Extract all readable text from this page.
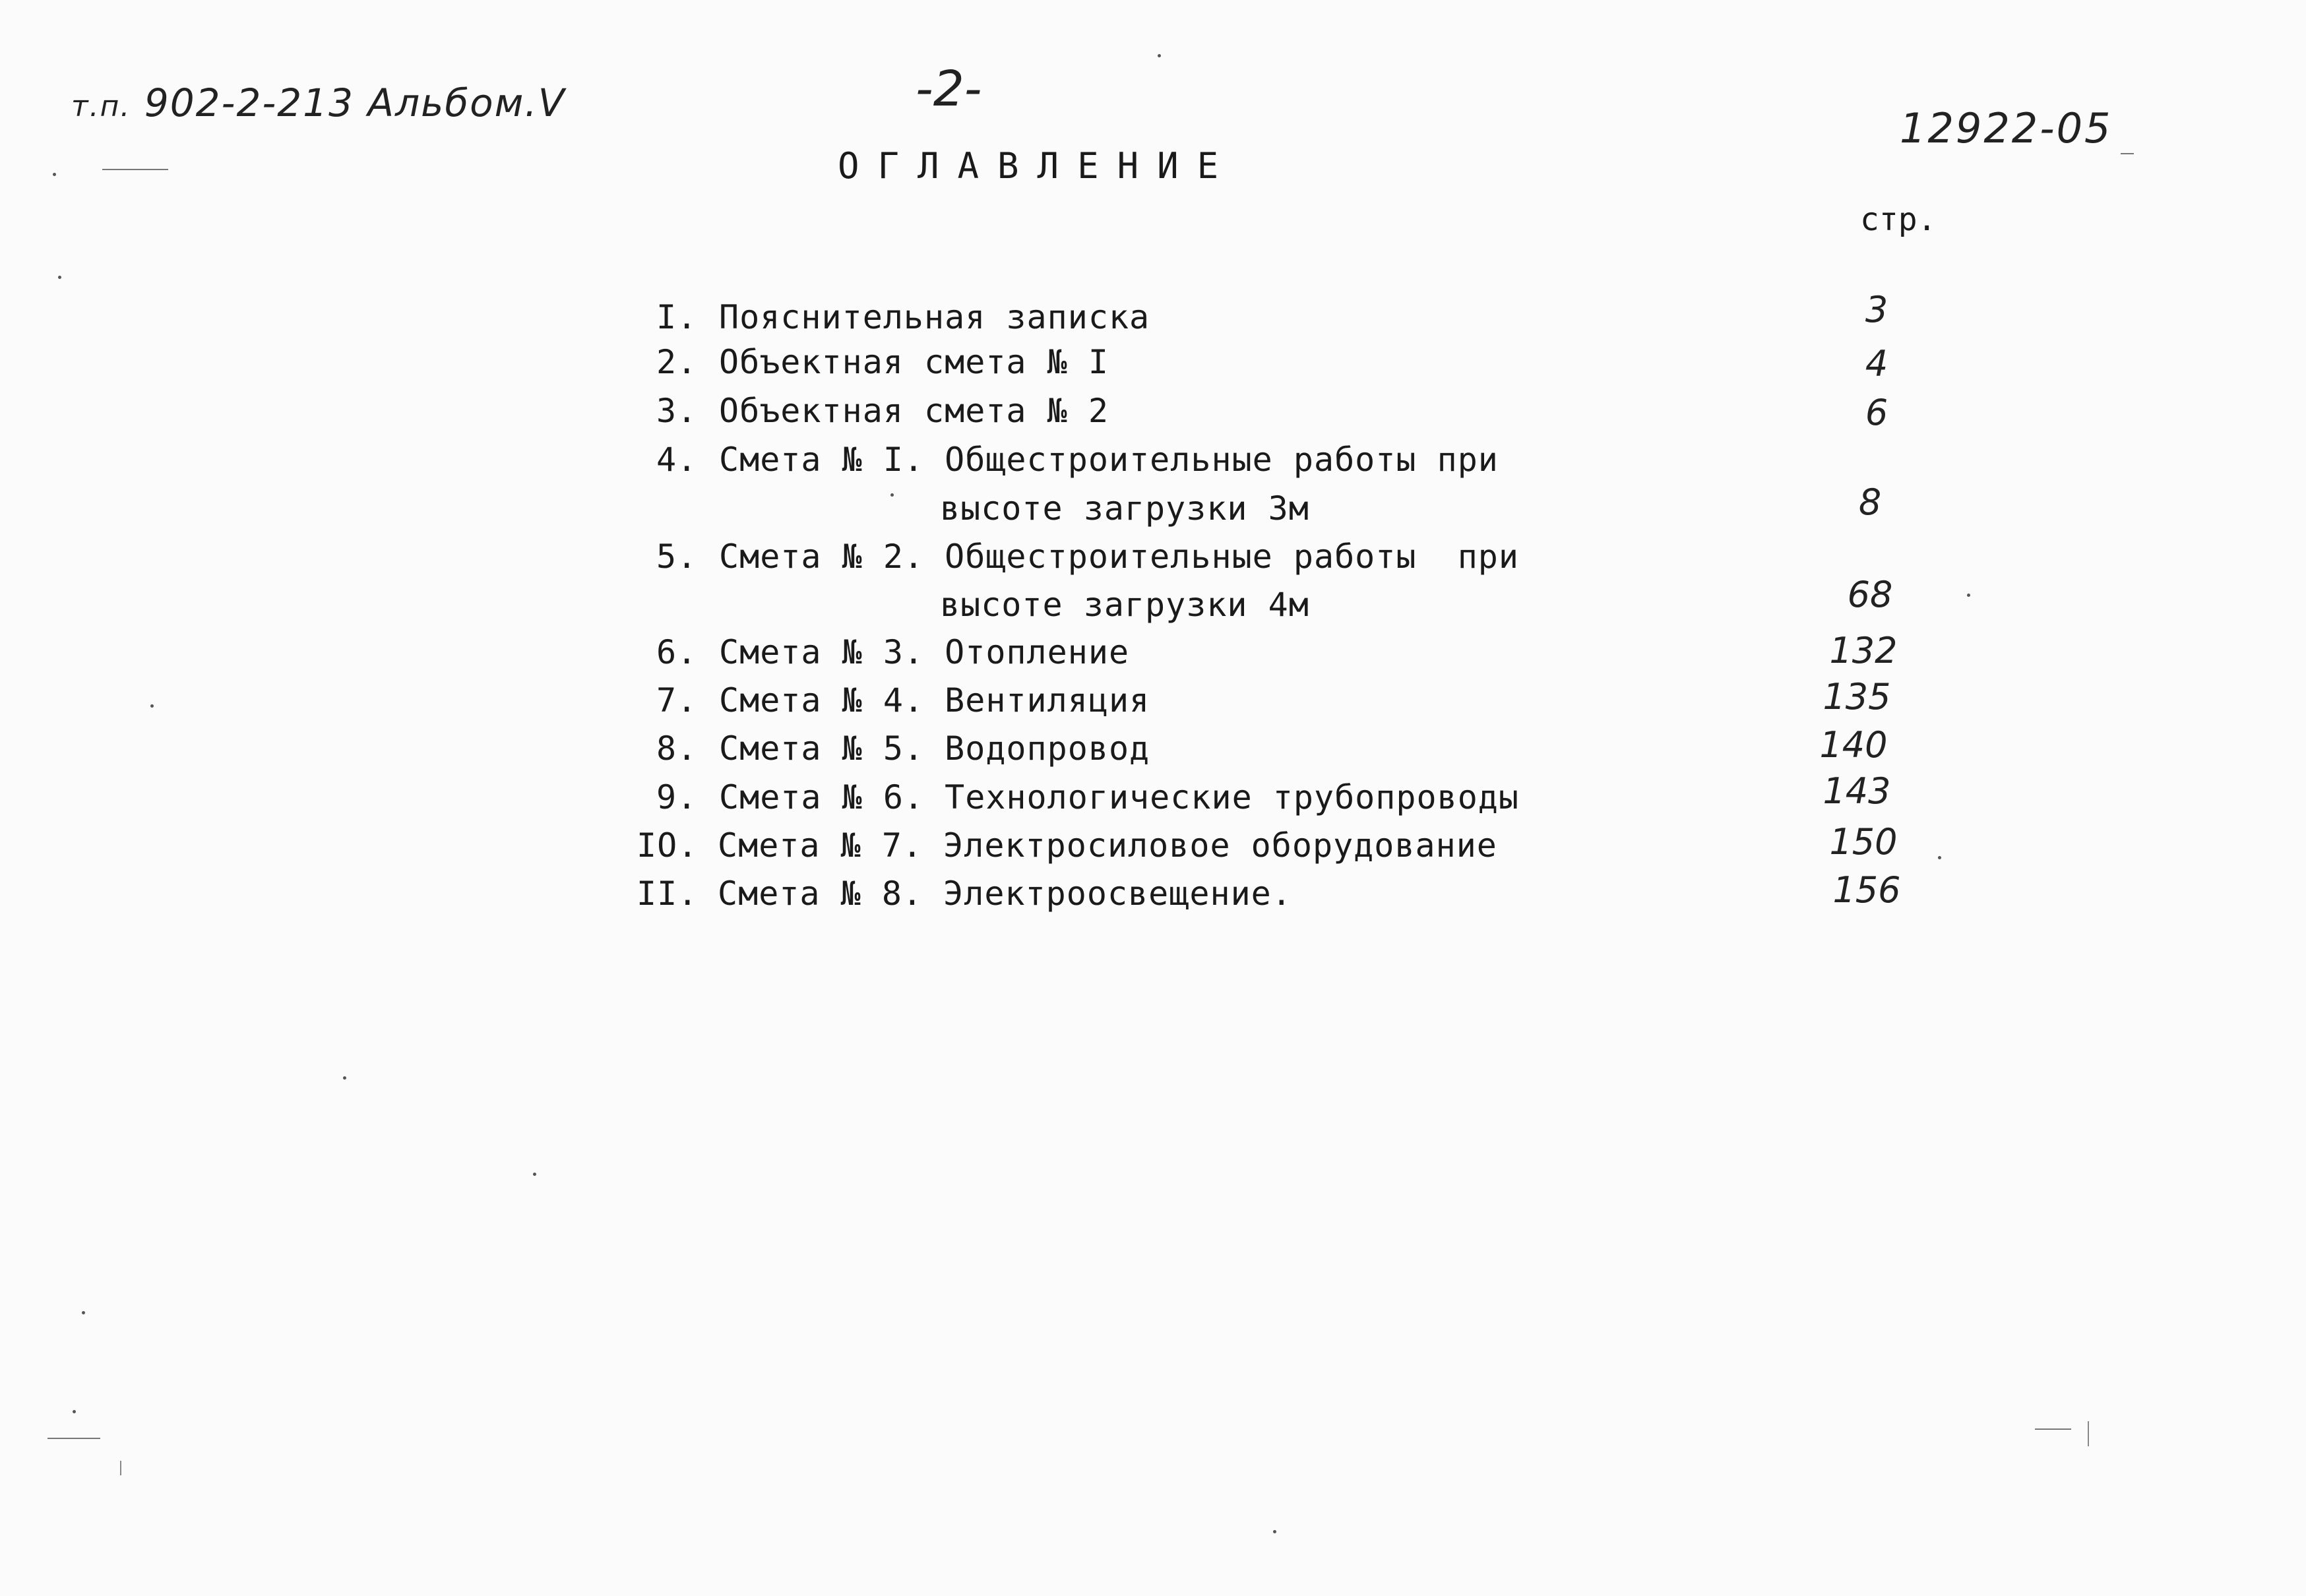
т.п. 902-2-213 Альбом.V	-2-
12922-05
ОГЛАВЛЕНИЕ
стр.
I. Пояснительная записка	3
2. Объектная смета № I	4
3. Объектная смета № 2	6
4. Смета № I. Общестроительные работы при
высоте загрузки 3м	8
5. Смета № 2. Общестроительные работы  при
высоте загрузки 4м	68
6. Смета № 3. Отопление	132
7. Смета № 4. Вентиляция	135
8. Смета № 5. Водопровод	140
9. Смета № 6. Технологические трубопроводы	143
IO. Смета № 7. Электросиловое оборудование	150
II. Смета № 8. Электроосвещение.	156
